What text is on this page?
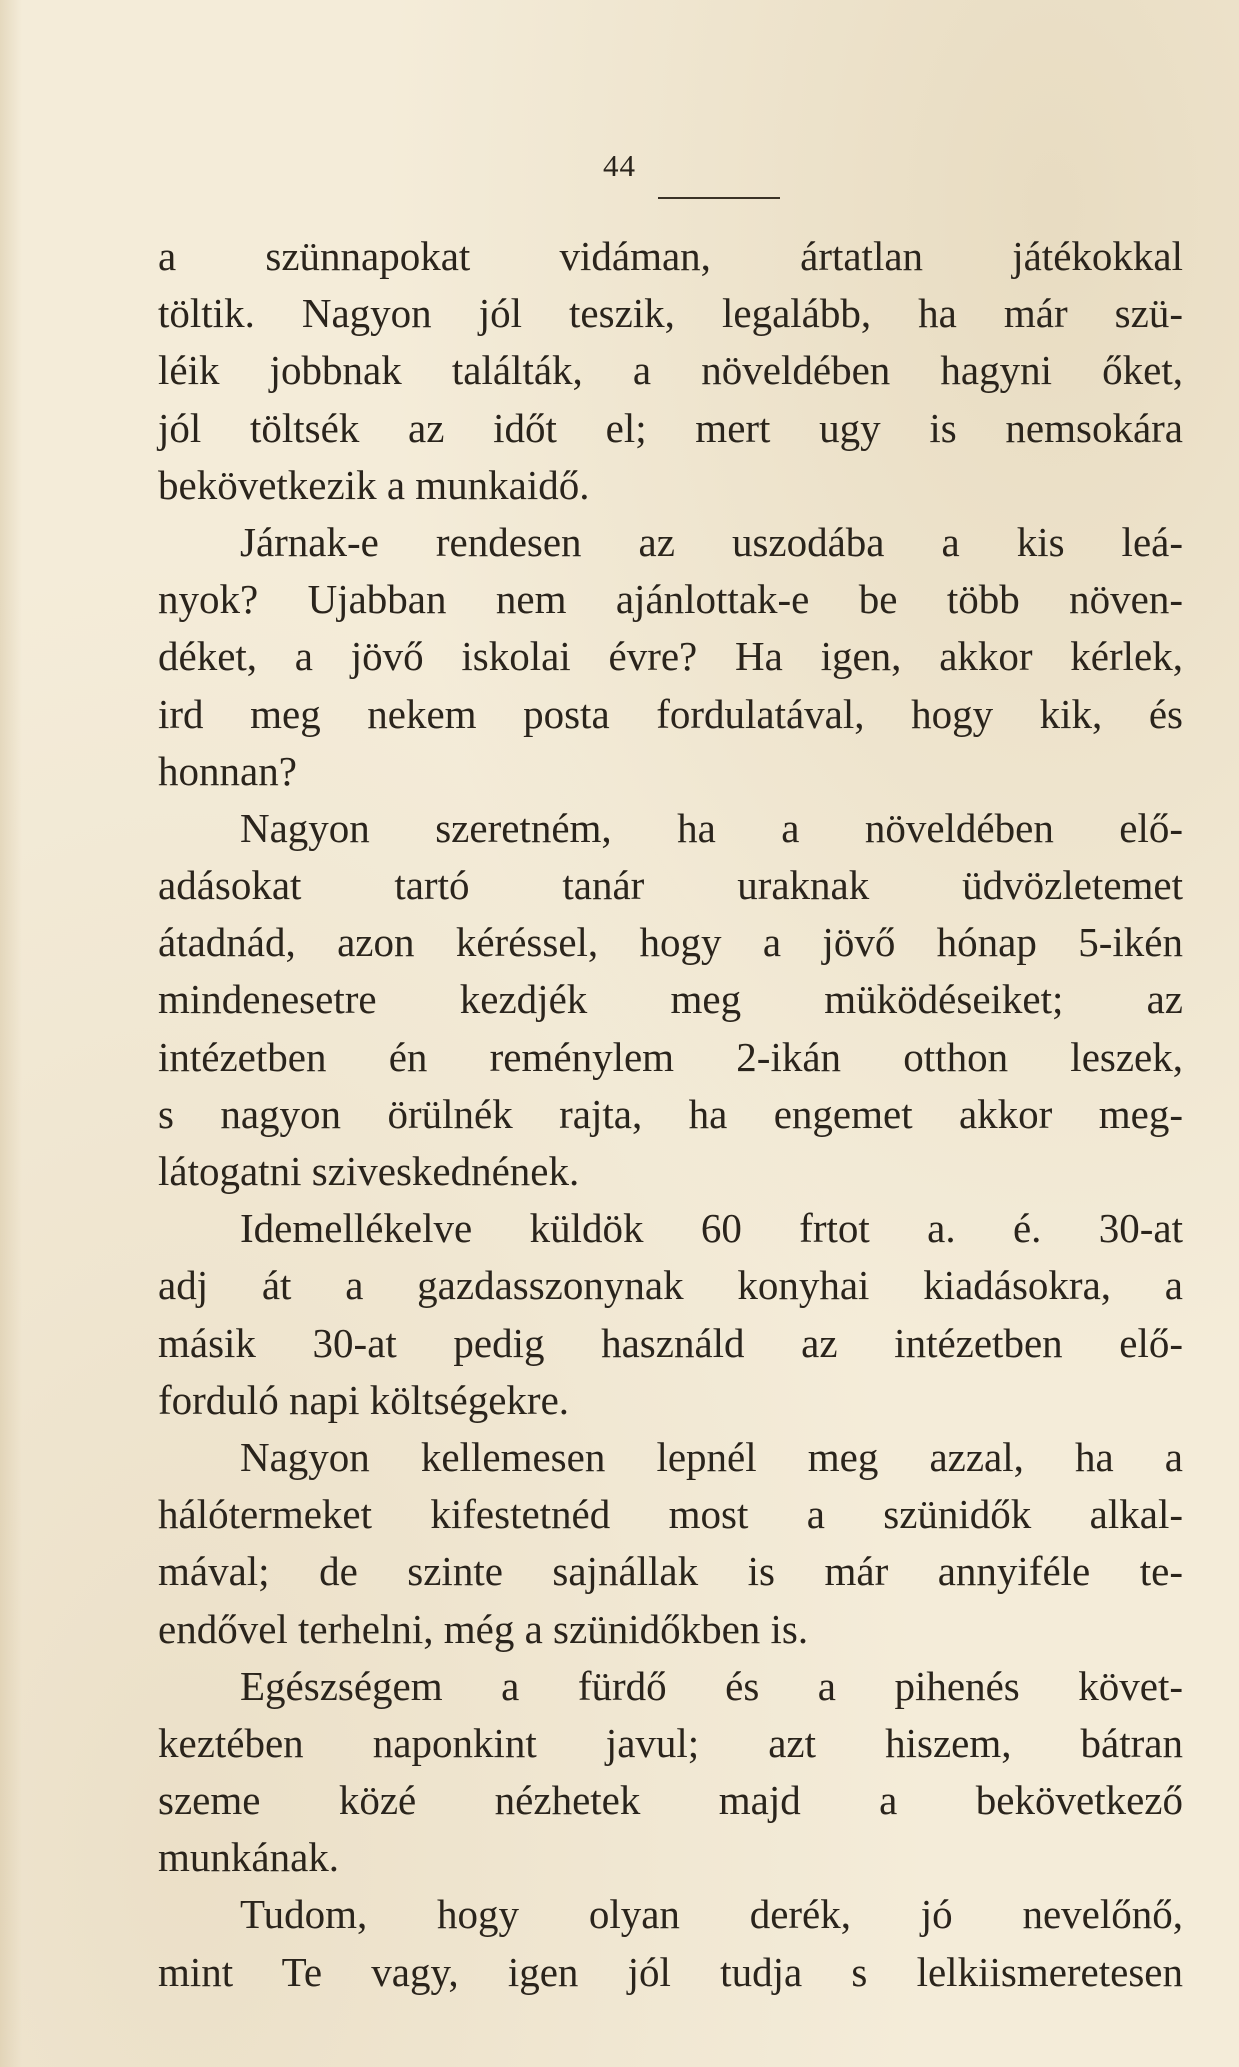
44
a szünnapokat vidáman, ártatlan játékokkal
töltik. Nagyon jól teszik, legalább, ha már szü-
léik jobbnak találták, a növeldében hagyni őket,
jól töltsék az időt el; mert ugy is nemsokára
bekövetkezik a munkaidő.
Járnak-e rendesen az uszodába a kis leá-
nyok? Ujabban nem ajánlottak-e be több növen-
déket, a jövő iskolai évre? Ha igen, akkor kérlek,
ird meg nekem posta fordulatával, hogy kik, és
honnan?
Nagyon szeretném, ha a növeldében elő-
adásokat tartó tanár uraknak üdvözletemet
átadnád, azon kéréssel, hogy a jövő hónap 5-ikén
mindenesetre kezdjék meg müködéseiket; az
intézetben én reménylem 2-ikán otthon leszek,
s nagyon örülnék rajta, ha engemet akkor meg-
látogatni sziveskednének.
Idemellékelve küldök 60 frtot a. é. 30-at
adj át a gazdasszonynak konyhai kiadásokra, a
másik 30-at pedig használd az intézetben elő-
forduló napi költségekre.
Nagyon kellemesen lepnél meg azzal, ha a
hálótermeket kifestetnéd most a szünidők alkal-
mával; de szinte sajnállak is már annyiféle te-
endővel terhelni, még a szünidőkben is.
Egészségem a fürdő és a pihenés követ-
keztében naponkint javul; azt hiszem, bátran
szeme közé nézhetek majd a bekövetkező
munkának.
Tudom, hogy olyan derék, jó nevelőnő,
mint Te vagy, igen jól tudja s lelkiismeretesen
